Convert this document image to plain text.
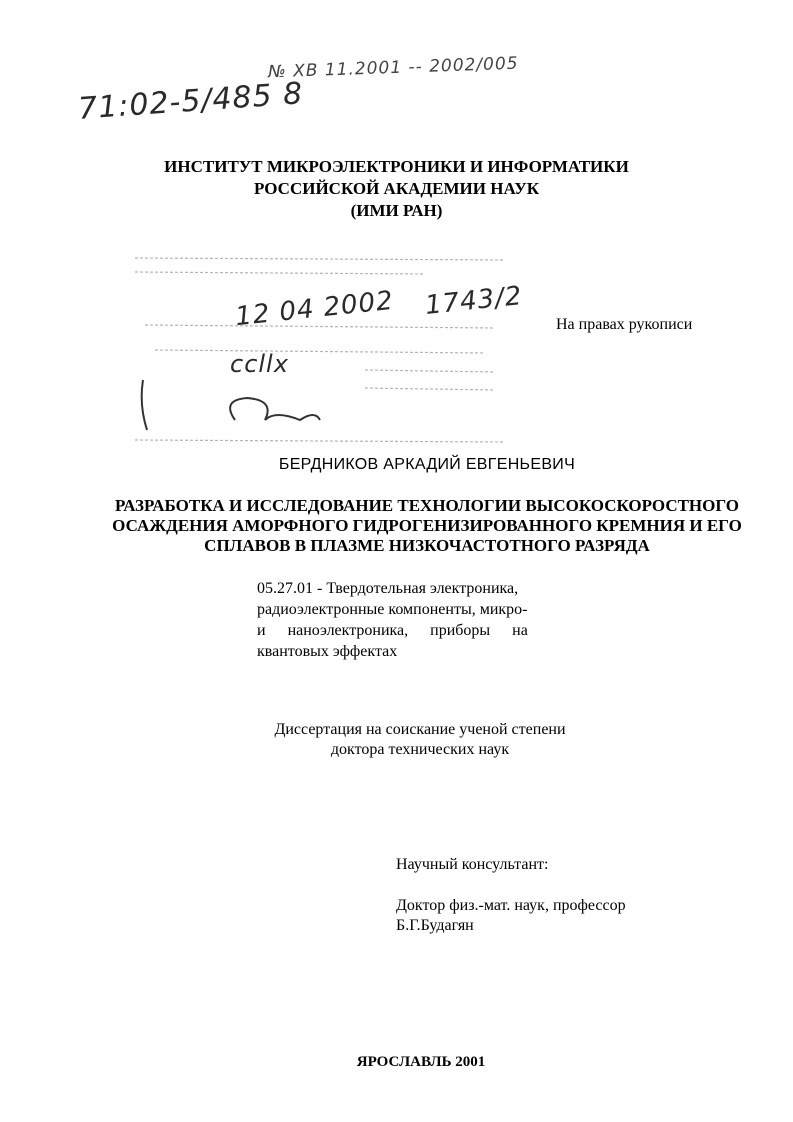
№ ХВ 11.2001 -- 2002/005
71:02-5/485 8
ИНСТИТУТ МИКРОЭЛЕКТРОНИКИ И ИНФОРМАТИКИ
РОССИЙСКОЙ АКАДЕМИИ НАУК
(ИМИ РАН)
12 04 2002 1743/2
ccllx
На правах рукописи
БЕРДНИКОВ АРКАДИЙ ЕВГЕНЬЕВИЧ
РАЗРАБОТКА И ИССЛЕДОВАНИЕ ТЕХНОЛОГИИ ВЫСОКОСКОРОСТНОГО
ОСАЖДЕНИЯ АМОРФНОГО ГИДРОГЕНИЗИРОВАННОГО КРЕМНИЯ И ЕГО
СПЛАВОВ В ПЛАЗМЕ НИЗКОЧАСТОТНОГО РАЗРЯДА
05.27.01 - Твердотельная электроника,
радиоэлектронные компоненты, микро-
и наноэлектроника, приборы на
квантовых эффектах
Диссертация на соискание ученой степени
доктора технических наук
Научный консультант:
Доктор физ.-мат. наук, профессор
Б.Г.Будагян
ЯРОСЛАВЛЬ 2001
